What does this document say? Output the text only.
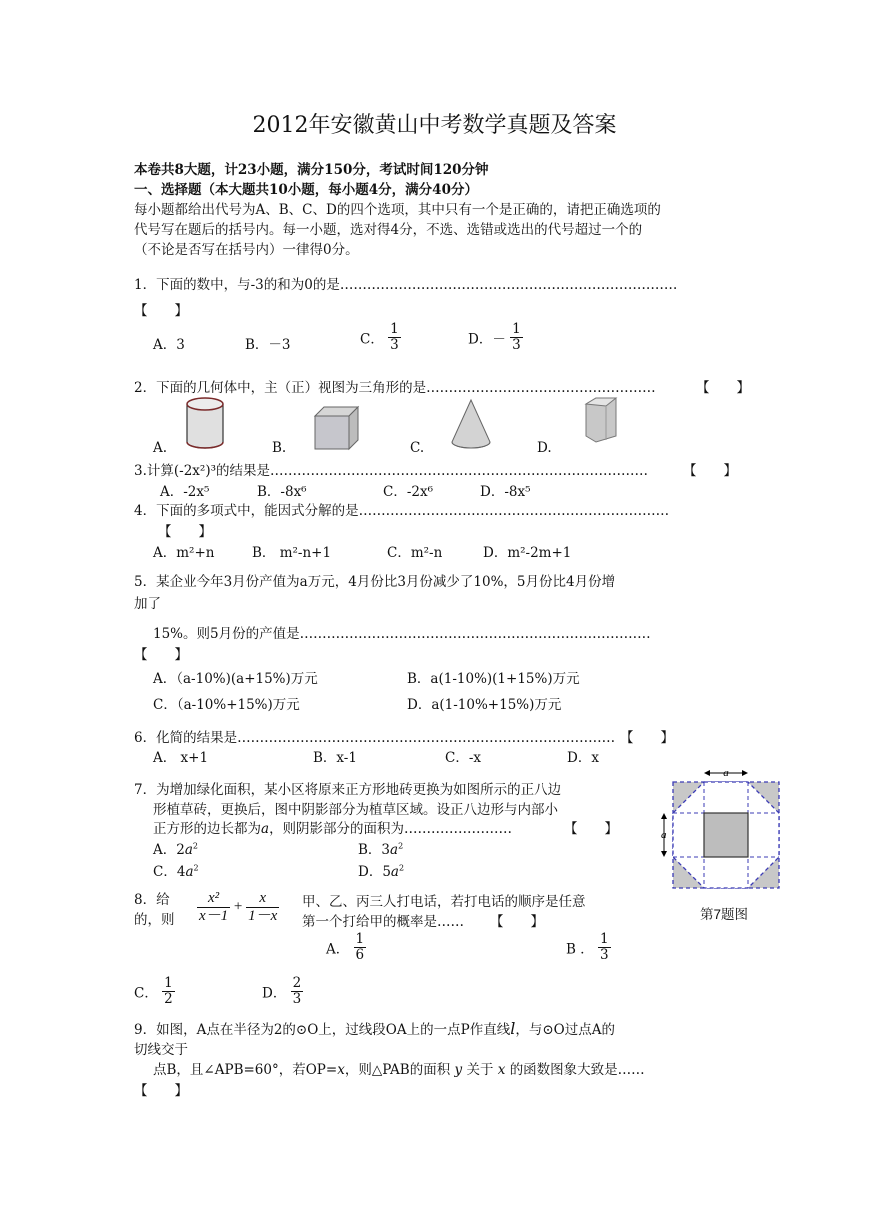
2012年安徽黄山中考数学真题及答案
本卷共8大题，计23小题，满分150分，考试时间120分钟
一、选择题（本大题共10小题，每小题4分，满分40分）
每小题都给出代号为A、B、C、D的四个选项，其中只有一个是正确的，请把正确选项的
代号写在题后的括号内。每一小题，选对得4分，不选、选错或选出的代号超过一个的
（不论是否写在括号内）一律得0分。
1．下面的数中，与-3的和为0的是…………………………………………………………………
【　　】
A．3	B．－3	C． $\frac{1}{3}$	D．－ $\frac{1}{3}$
2．下面的几何体中，主（正）视图为三角形的是……………………………………………	【　　】
A.	B.	C.	D.
3.计算(-2x²)³的结果是…………………………………………………………………………	【　　】
A．-2x⁵	B．-8x⁶	C．-2x⁶	D．-8x⁵
4．下面的多项式中，能因式分解的是……………………………………………………………
【　　】
A．m²+n	B． m²-n+1	C．m²-n	D．m²-2m+1
5．某企业今年3月份产值为a万元，4月份比3月份减少了10%，5月份比4月份增
加了
15%。则5月份的产值是……………………………………………………………………
【　　】
A．（a-10%)(a+15%)万元	B．a(1-10%)(1+15%)万元
C．（a-10%+15%)万元	D．a(1-10%+15%)万元
6．化简的结果是………………………………………………………………………… 【　　】
A． x+1	B．x-1	C．-x	D．x
7．为增加绿化面积，某小区将原来正方形地砖更换为如图所示的正八边
形植草砖，更换后，图中阴影部分为植草区域。设正八边形与内部小
正方形的边长都为a，则阴影部分的面积为……………………	【　　】
A．$2a^2$	B．$3a^2$
C．$4a^2$	D．$5a^2$
a
a
第7题图
8．给
的，则 $\frac{\text{x²}}{x-1} + \frac{x}{1-x}$ 甲、乙、丙三人打电话，若打电话的顺序是任意
第一个打给甲的概率是…… 【　　】
A． $\frac{1}{6}$	B ． $\frac{1}{3}$
C． $\frac{1}{2}$	D． $\frac{2}{3}$
9．如图，A点在半径为2的⊙O上，过线段OA上的一点P作直线l，与⊙O过点A的
切线交于
点B，且∠APB=60°，若OP=x，则△PAB的面积 y 关于 x 的函数图象大致是……
【　　】
